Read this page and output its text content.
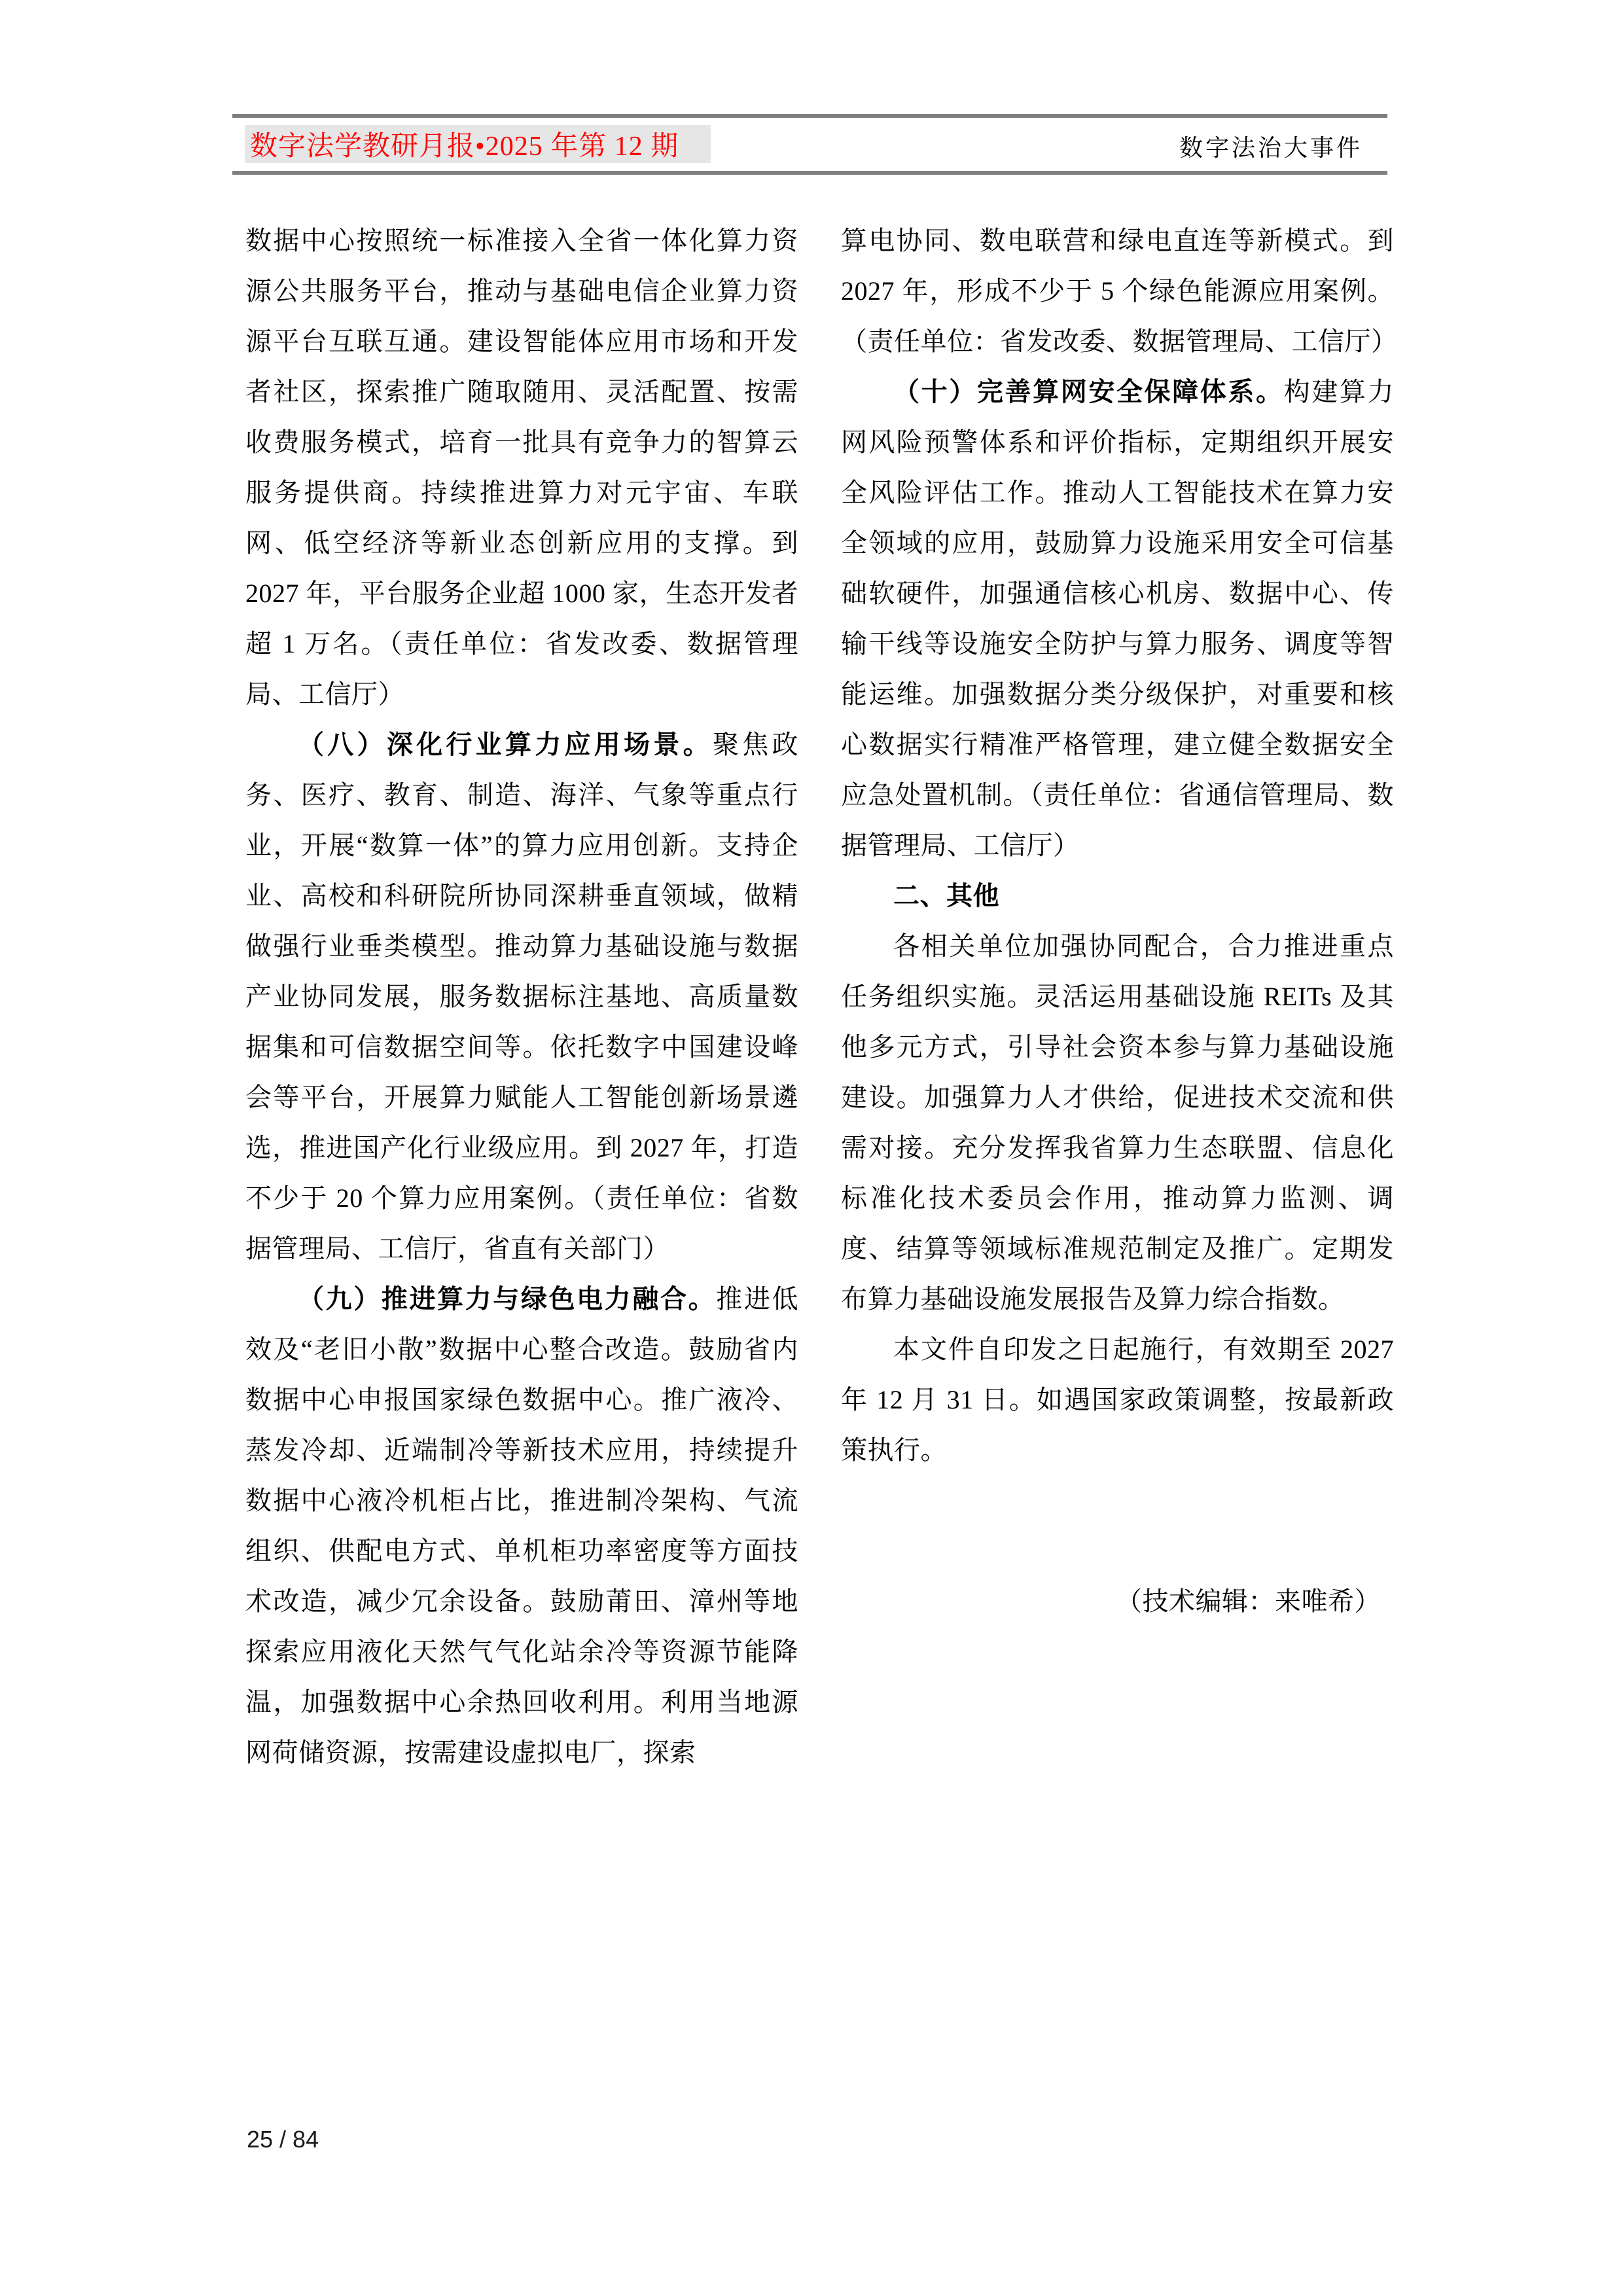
数字法学教研月报•2025 年第 12 期	数字法治大事件

数据中心按照统一标准接入全省一体化算力资源公共服务平台，推动与基础电信企业算力资源平台互联互通。建设智能体应用市场和开发者社区，探索推广随取随用、灵活配置、按需收费服务模式，培育一批具有竞争力的智算云服务提供商。持续推进算力对元宇宙、车联网、低空经济等新业态创新应用的支撑。到 2027 年，平台服务企业超 1000 家，生态开发者超 1 万名。（责任单位：省发改委、数据管理局、工信厅）

（八）深化行业算力应用场景。聚焦政务、医疗、教育、制造、海洋、气象等重点行业，开展“数算一体”的算力应用创新。支持企业、高校和科研院所协同深耕垂直领域，做精做强行业垂类模型。推动算力基础设施与数据产业协同发展，服务数据标注基地、高质量数据集和可信数据空间等。依托数字中国建设峰会等平台，开展算力赋能人工智能创新场景遴选，推进国产化行业级应用。到 2027 年，打造不少于 20 个算力应用案例。（责任单位：省数据管理局、工信厅，省直有关部门）

（九）推进算力与绿色电力融合。推进低效及“老旧小散”数据中心整合改造。鼓励省内数据中心申报国家绿色数据中心。推广液冷、蒸发冷却、近端制冷等新技术应用，持续提升数据中心液冷机柜占比，推进制冷架构、气流组织、供配电方式、单机柜功率密度等方面技术改造，减少冗余设备。鼓励莆田、漳州等地探索应用液化天然气气化站余冷等资源节能降温，加强数据中心余热回收利用。利用当地源网荷储资源，按需建设虚拟电厂，探索

算电协同、数电联营和绿电直连等新模式。到 2027 年，形成不少于 5 个绿色能源应用案例。（责任单位：省发改委、数据管理局、工信厅）

（十）完善算网安全保障体系。构建算力网风险预警体系和评价指标，定期组织开展安全风险评估工作。推动人工智能技术在算力安全领域的应用，鼓励算力设施采用安全可信基础软硬件，加强通信核心机房、数据中心、传输干线等设施安全防护与算力服务、调度等智能运维。加强数据分类分级保护，对重要和核心数据实行精准严格管理，建立健全数据安全应急处置机制。（责任单位：省通信管理局、数据管理局、工信厅）

二、其他

各相关单位加强协同配合，合力推进重点任务组织实施。灵活运用基础设施 REITs 及其他多元方式，引导社会资本参与算力基础设施建设。加强算力人才供给，促进技术交流和供需对接。充分发挥我省算力生态联盟、信息化标准化技术委员会作用，推动算力监测、调度、结算等领域标准规范制定及推广。定期发布算力基础设施发展报告及算力综合指数。

本文件自印发之日起施行，有效期至 2027 年 12 月 31 日。如遇国家政策调整，按最新政策执行。

（技术编辑：来唯希）

25 / 84
